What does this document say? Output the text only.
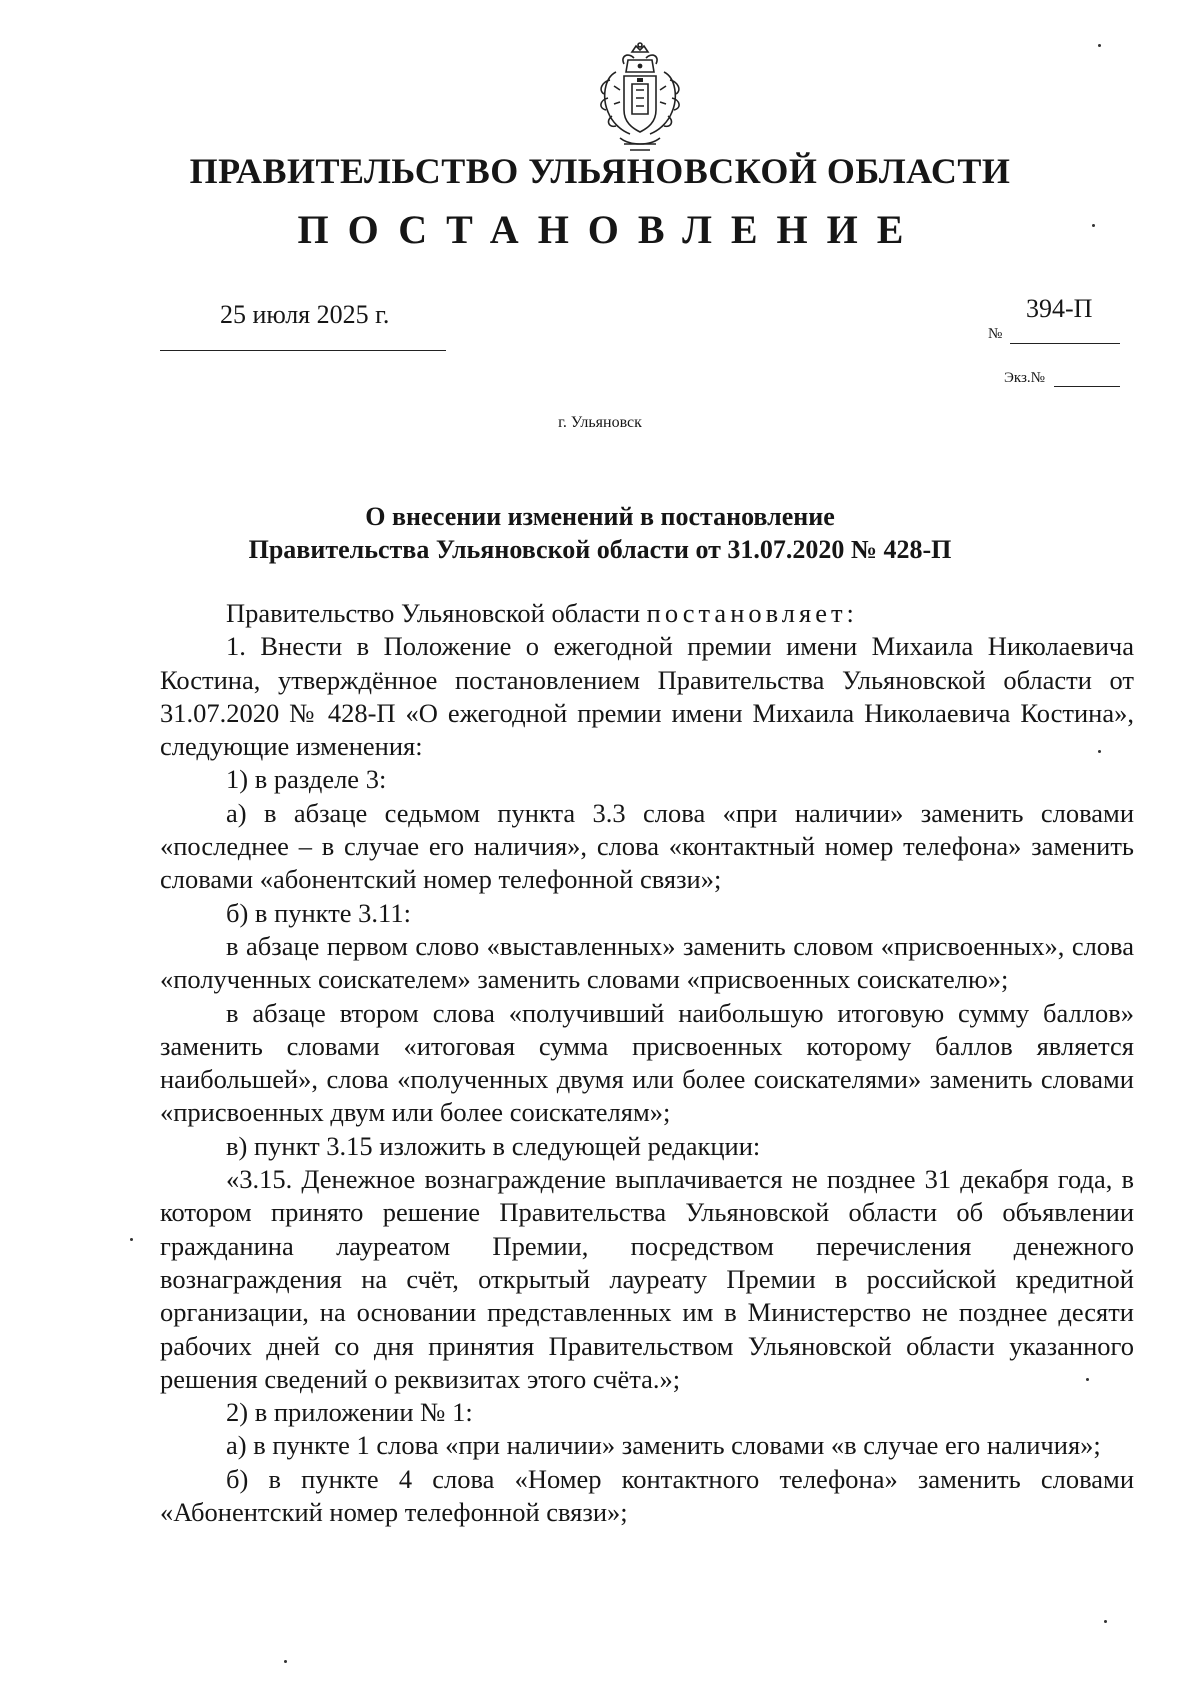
ПРАВИТЕЛЬСТВО УЛЬЯНОВСКОЙ ОБЛАСТИ
ПОСТАНОВЛЕНИЕ
25 июля 2025 г.	394-П
№
Экз.№
г. Ульяновск
О внесении изменений в постановление
Правительства Ульяновской области от 31.07.2020 № 428-П

Правительство Ульяновской области постановляет:

1. Внести в Положение о ежегодной премии имени Михаила Николаевича Костина, утверждённое постановлением Правительства Ульяновской области от 31.07.2020 № 428-П «О ежегодной премии имени Михаила Николаевича Костина», следующие изменения:

1) в разделе 3:

а) в абзаце седьмом пункта 3.3 слова «при наличии» заменить словами «последнее – в случае его наличия», слова «контактный номер телефона» заменить словами «абонентский номер телефонной связи»;

б) в пункте 3.11:

в абзаце первом слово «выставленных» заменить словом «присвоенных», слова «полученных соискателем» заменить словами «присвоенных соискателю»;

в абзаце втором слова «получивший наибольшую итоговую сумму баллов» заменить словами «итоговая сумма присвоенных которому баллов является наибольшей», слова «полученных двумя или более соискателями» заменить словами «присвоенных двум или более соискателям»;

в) пункт 3.15 изложить в следующей редакции:

«3.15. Денежное вознаграждение выплачивается не позднее 31 декабря года, в котором принято решение Правительства Ульяновской области об объявлении гражданина лауреатом Премии, посредством перечисления денежного вознаграждения на счёт, открытый лауреату Премии в российской кредитной организации, на основании представленных им в Министерство не позднее десяти рабочих дней со дня принятия Правительством Ульяновской области указанного решения сведений о реквизитах этого счёта.»;

2) в приложении № 1:

а) в пункте 1 слова «при наличии» заменить словами «в случае его наличия»;

б) в пункте 4 слова «Номер контактного телефона» заменить словами «Абонентский номер телефонной связи»;
